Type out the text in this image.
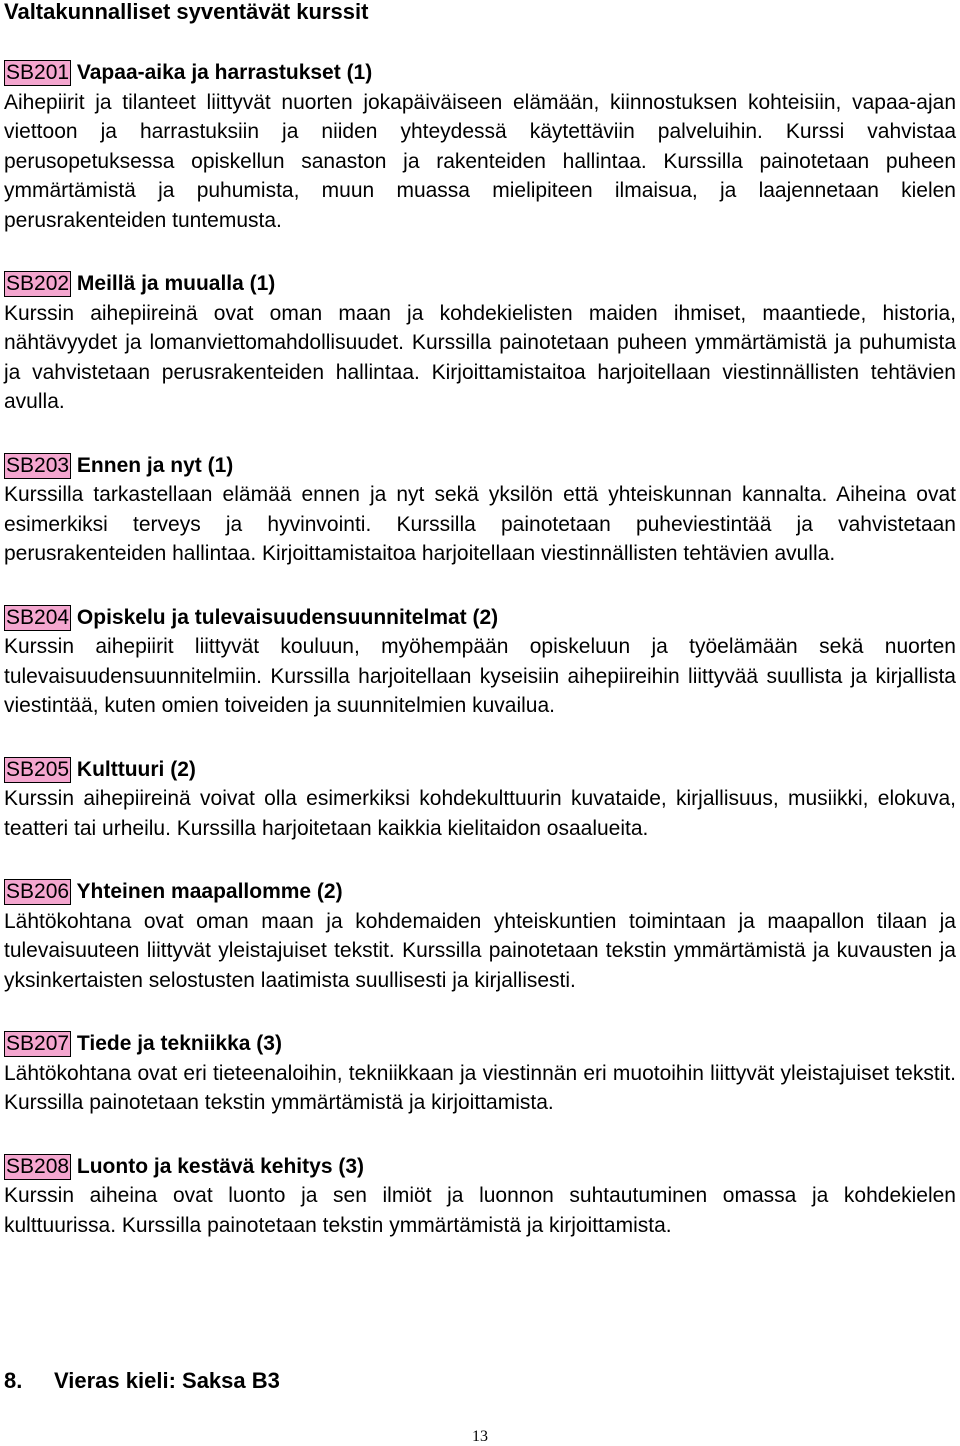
Valtakunnalliset syventävät kurssit
SB201 Vapaa-aika ja harrastukset (1)

Aihepiirit ja tilanteet liittyvät nuorten jokapäiväiseen elämään, kiinnostuksen kohteisiin, vapaa-ajan viettoon ja harrastuksiin ja niiden yhteydessä käytettäviin palveluihin. Kurssi vahvistaa perusopetuksessa opiskellun sanaston ja rakenteiden hallintaa. Kurssilla painotetaan puheen ymmärtämistä ja puhumista, muun muassa mielipiteen ilmaisua, ja laajennetaan kielen perusrakenteiden tuntemusta.

SB202 Meillä ja muualla (1)

Kurssin aihepiireinä ovat oman maan ja kohdekielisten maiden ihmiset, maantiede, historia, nähtävyydet ja lomanviettomahdollisuudet. Kurssilla painotetaan puheen ymmärtämistä ja puhumista ja vahvistetaan perusrakenteiden hallintaa. Kirjoittamistaitoa harjoitellaan viestinnällisten tehtävien avulla.

SB203 Ennen ja nyt (1)

Kurssilla tarkastellaan elämää ennen ja nyt sekä yksilön että yhteiskunnan kannalta. Aiheina ovat esimerkiksi terveys ja hyvinvointi. Kurssilla painotetaan puheviestintää ja vahvistetaan perusrakenteiden hallintaa. Kirjoittamistaitoa harjoitellaan viestinnällisten tehtävien avulla.

SB204 Opiskelu ja tulevaisuudensuunnitelmat (2)

Kurssin aihepiirit liittyvät kouluun, myöhempään opiskeluun ja työelämään sekä nuorten tulevaisuudensuunnitelmiin. Kurssilla harjoitellaan kyseisiin aihepiireihin liittyvää suullista ja kirjallista viestintää, kuten omien toiveiden ja suunnitelmien kuvailua.

SB205 Kulttuuri (2)

Kurssin aihepiireinä voivat olla esimerkiksi kohdekulttuurin kuvataide, kirjallisuus, musiikki, elokuva, teatteri tai urheilu. Kurssilla harjoitetaan kaikkia kielitaidon osaalueita.

SB206 Yhteinen maapallomme (2)

Lähtökohtana ovat oman maan ja kohdemaiden yhteiskuntien toimintaan ja maapallon tilaan ja tulevaisuuteen liittyvät yleistajuiset tekstit. Kurssilla painotetaan tekstin ymmärtämistä ja kuvausten ja yksinkertaisten selostusten laatimista suullisesti ja kirjallisesti.

SB207 Tiede ja tekniikka (3)

Lähtökohtana ovat eri tieteenaloihin, tekniikkaan ja viestinnän eri muotoihin liittyvät yleistajuiset tekstit. Kurssilla painotetaan tekstin ymmärtämistä ja kirjoittamista.

SB208 Luonto ja kestävä kehitys (3)

Kurssin aiheina ovat luonto ja sen ilmiöt ja luonnon suhtautuminen omassa ja kohdekielen kulttuurissa. Kurssilla painotetaan tekstin ymmärtämistä ja kirjoittamista.

8. Vieras kieli: Saksa B3
13
